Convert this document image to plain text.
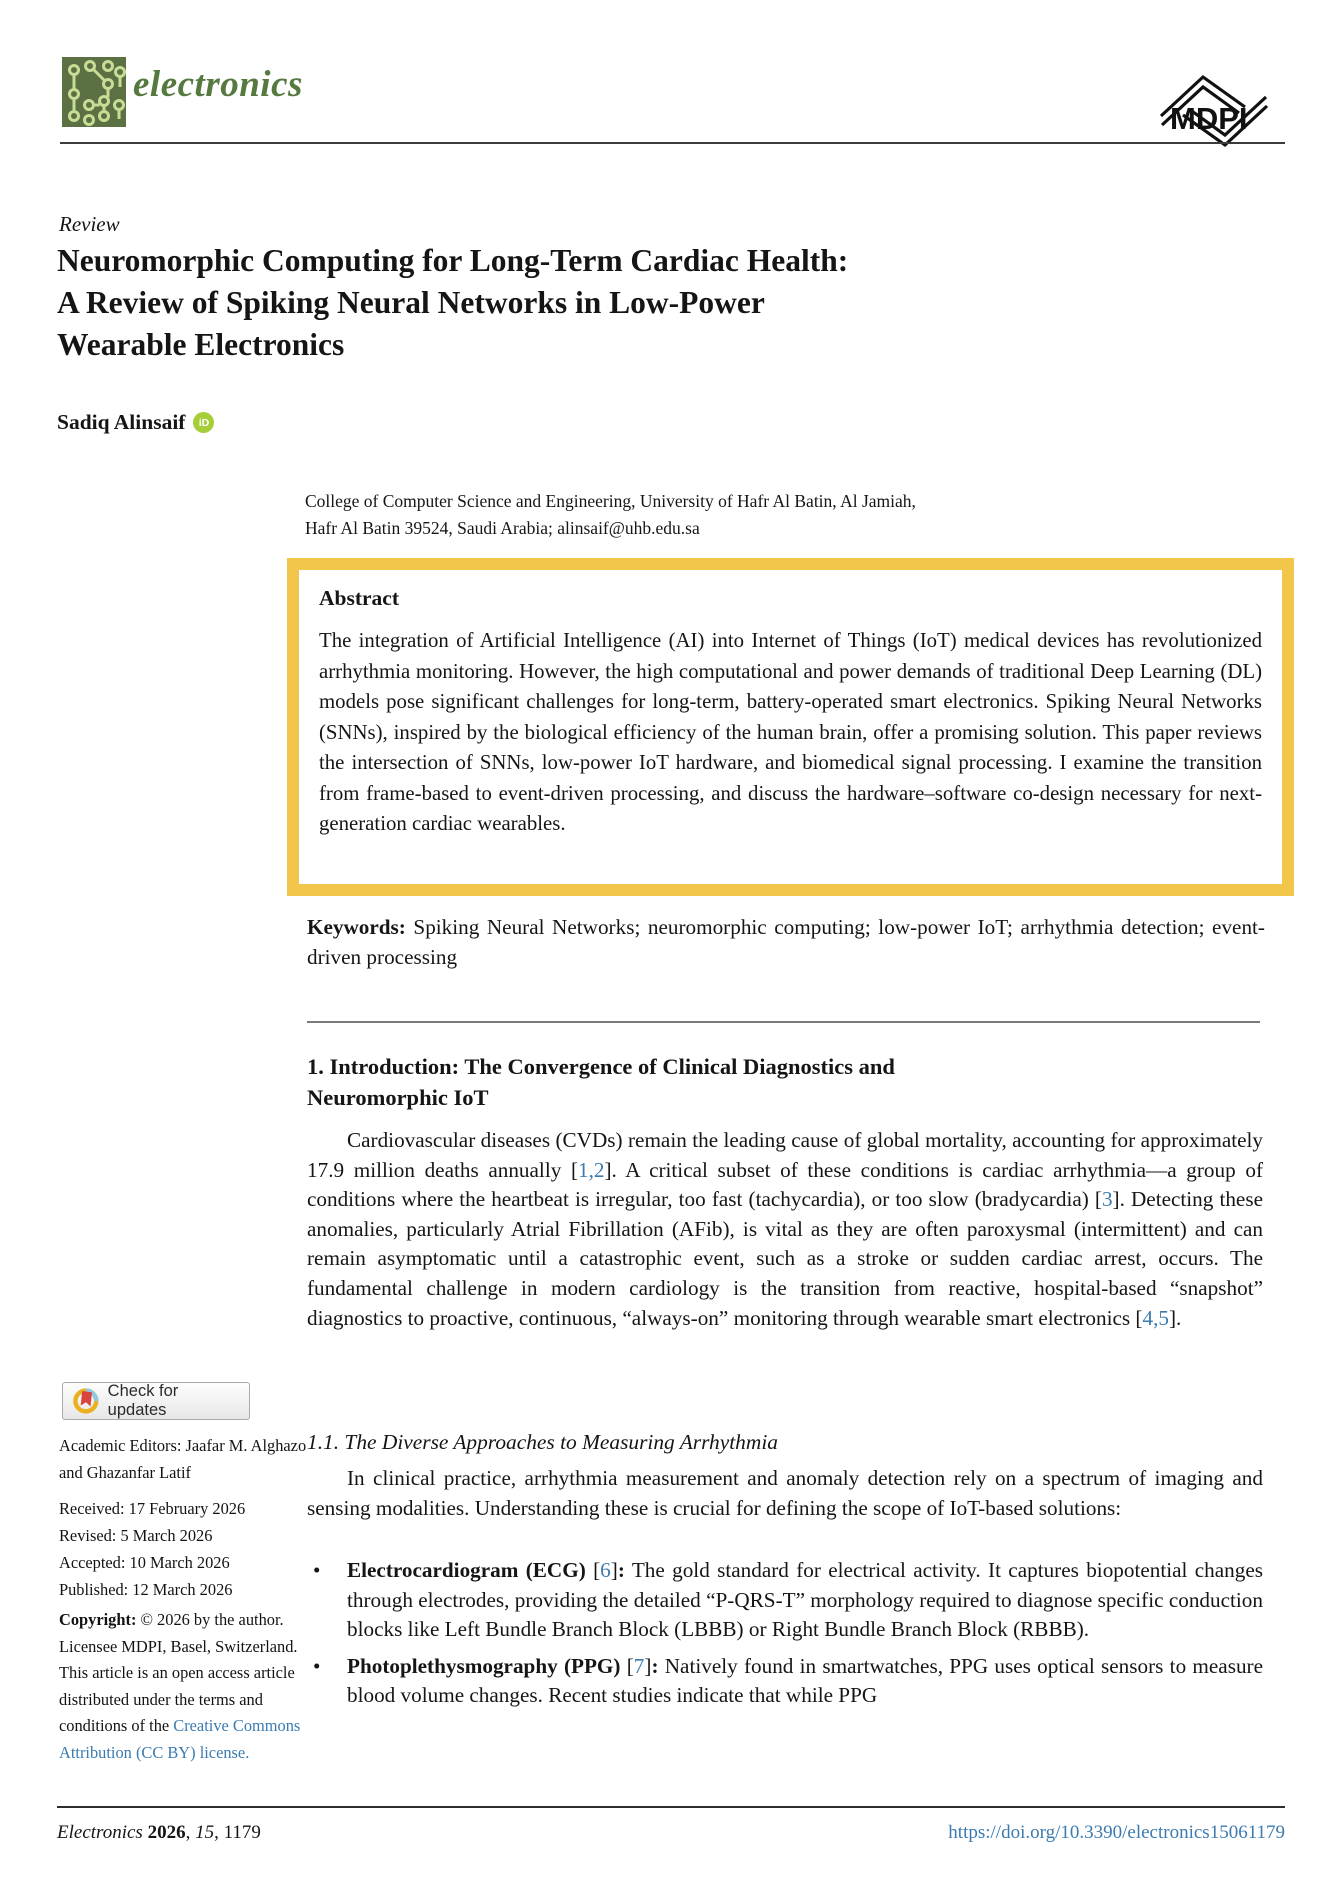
electronics
MDPI
Review
Neuromorphic Computing for Long-Term Cardiac Health:
A Review of Spiking Neural Networks in Low-Power
Wearable Electronics
Sadiq Alinsaif	iD
College of Computer Science and Engineering, University of Hafr Al Batin, Al Jamiah,
Hafr Al Batin 39524, Saudi Arabia; alinsaif@uhb.edu.sa
Abstract
The integration of Artificial Intelligence (AI) into Internet of Things (IoT) medical devices has revolutionized arrhythmia monitoring. However, the high computational and power demands of traditional Deep Learning (DL) models pose significant challenges for long-term, battery-operated smart electronics. Spiking Neural Networks (SNNs), inspired by the biological efficiency of the human brain, offer a promising solution. This paper reviews the intersection of SNNs, low-power IoT hardware, and biomedical signal processing. I examine the transition from frame-based to event-driven processing, and discuss the hardware–software co-design necessary for next-generation cardiac wearables.
Keywords: Spiking Neural Networks; neuromorphic computing; low-power IoT; arrhythmia detection; event-driven processing
1. Introduction: The Convergence of Clinical Diagnostics and
Neuromorphic IoT
Cardiovascular diseases (CVDs) remain the leading cause of global mortality, accounting for approximately 17.9 million deaths annually [1,2]. A critical subset of these conditions is cardiac arrhythmia—a group of conditions where the heartbeat is irregular, too fast (tachycardia), or too slow (bradycardia) [3]. Detecting these anomalies, particularly Atrial Fibrillation (AFib), is vital as they are often paroxysmal (intermittent) and can remain asymptomatic until a catastrophic event, such as a stroke or sudden cardiac arrest, occurs. The fundamental challenge in modern cardiology is the transition from reactive, hospital-based “snapshot” diagnostics to proactive, continuous, “always-on” monitoring through wearable smart electronics [4,5].
1.1. The Diverse Approaches to Measuring Arrhythmia
In clinical practice, arrhythmia measurement and anomaly detection rely on a spectrum of imaging and sensing modalities. Understanding these is crucial for defining the scope of IoT-based solutions:
•	Electrocardiogram (ECG) [6]: The gold standard for electrical activity. It captures biopotential changes through electrodes, providing the detailed “P-QRS-T” morphology required to diagnose specific conduction blocks like Left Bundle Branch Block (LBBB) or Right Bundle Branch Block (RBBB).
•	Photoplethysmography (PPG) [7]: Natively found in smartwatches, PPG uses optical sensors to measure blood volume changes. Recent studies indicate that while PPG
Check for updates
Academic Editors: Jaafar M. Alghazo
and Ghazanfar Latif
Received: 17 February 2026
Revised: 5 March 2026
Accepted: 10 March 2026
Published: 12 March 2026
Copyright: © 2026 by the author. Licensee MDPI, Basel, Switzerland. This article is an open access article distributed under the terms and conditions of the Creative Commons Attribution (CC BY) license.
Electronics 2026, 15, 1179	https://doi.org/10.3390/electronics15061179
